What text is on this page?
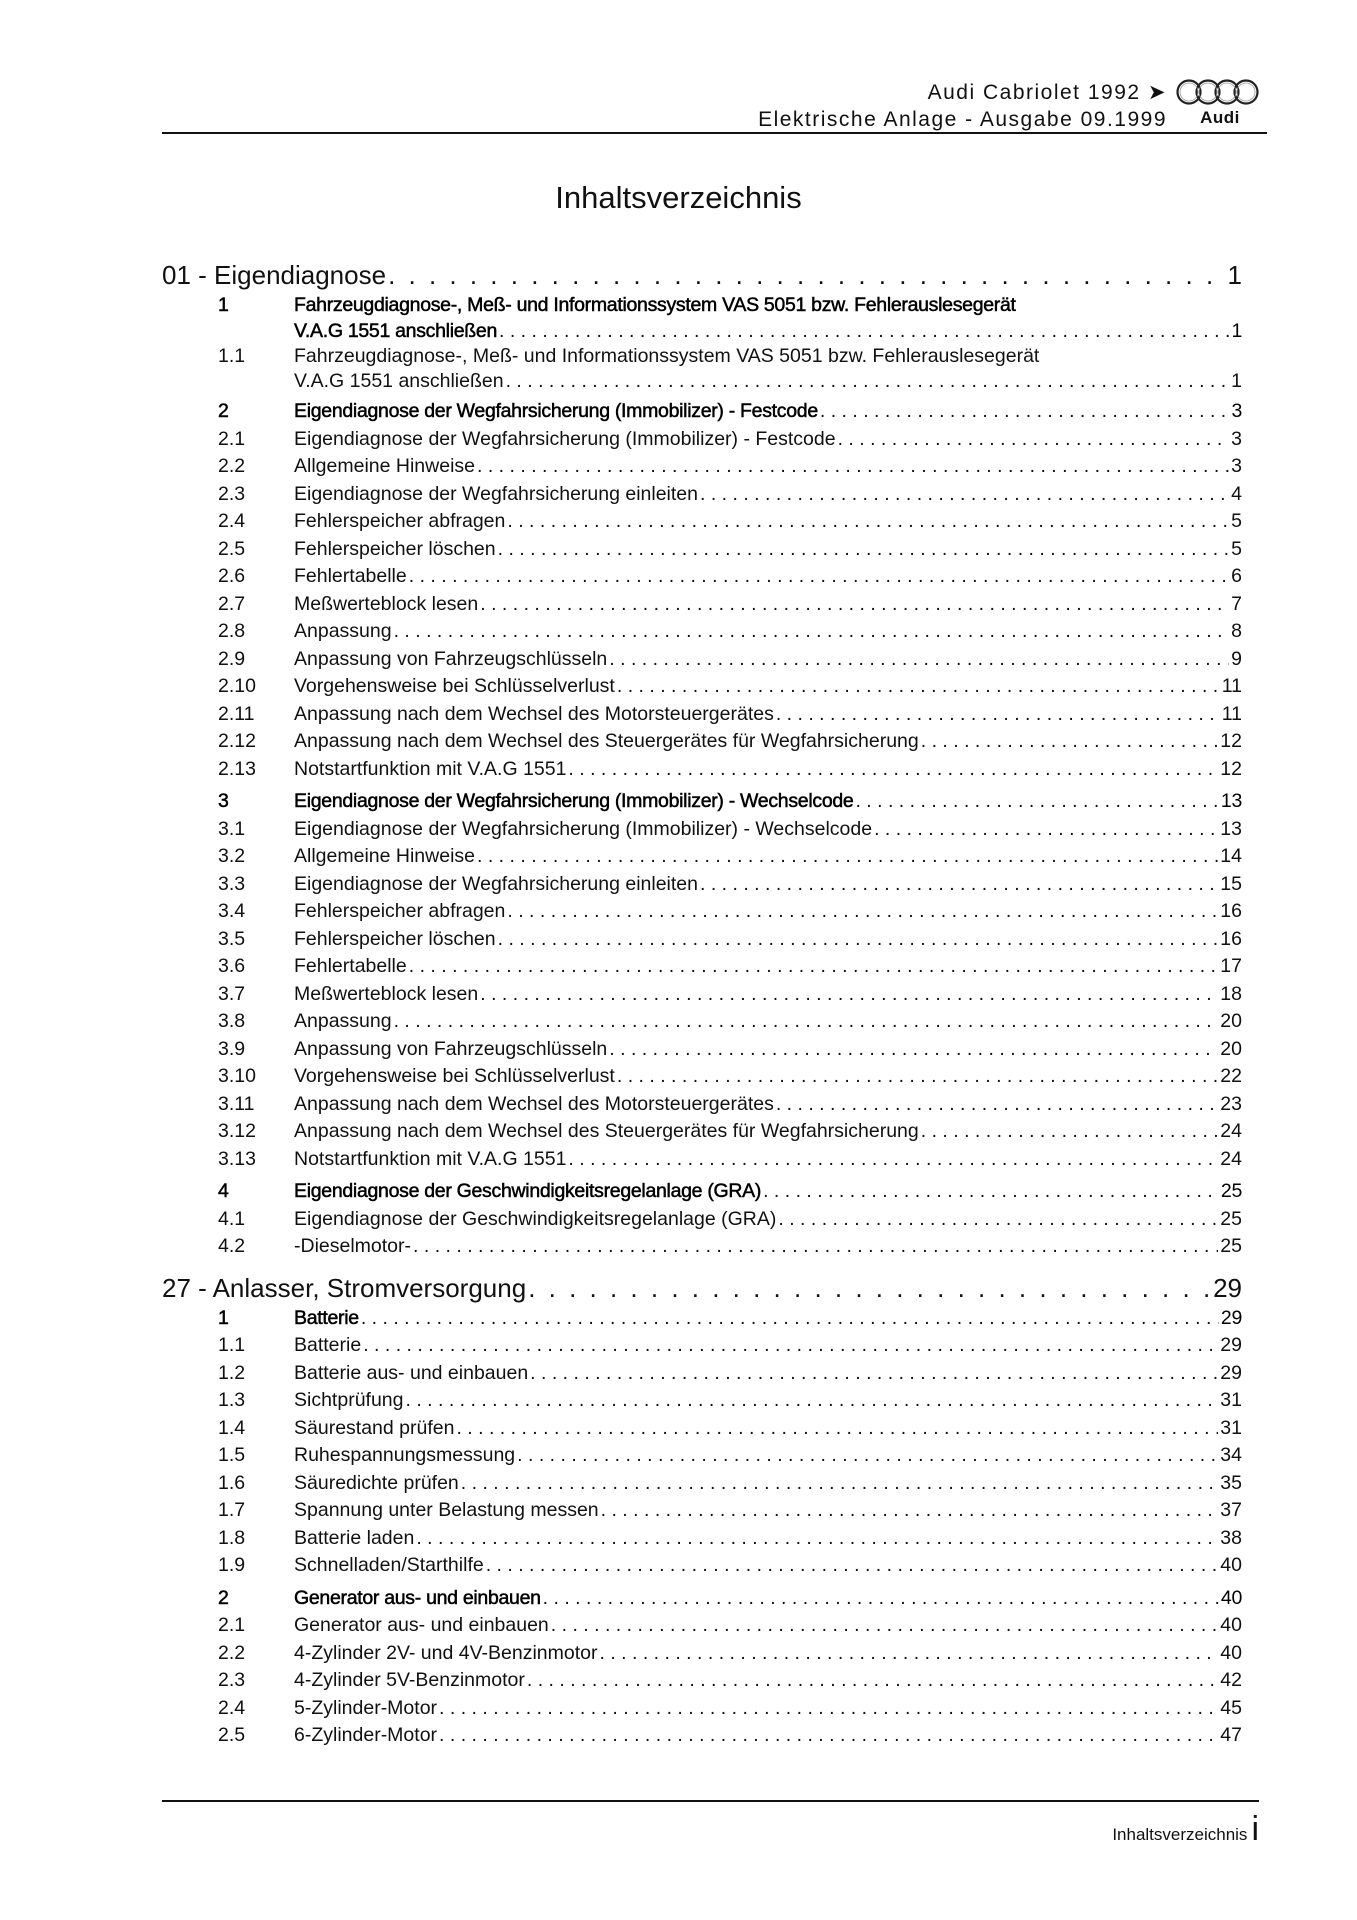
Audi Cabriolet 1992 ➤
Elektrische Anlage - Ausgabe 09.1999	Audi
Inhaltsverzeichnis
01 - Eigendiagnose . . .	1
1	Fahrzeugdiagnose-, Meß- und Informationssystem VAS 5051 bzw. Fehlerauslesegerät
V.A.G 1551 anschließen . . .	1
1.1	Fahrzeugdiagnose-, Meß- und Informationssystem VAS 5051 bzw. Fehlerauslesegerät
V.A.G 1551 anschließen . . .	1
2	Eigendiagnose der Wegfahrsicherung (Immobilizer) - Festcode . . .	3
2.1	Eigendiagnose der Wegfahrsicherung (Immobilizer) - Festcode . . .	3
2.2	Allgemeine Hinweise . . .	3
2.3	Eigendiagnose der Wegfahrsicherung einleiten . . .	4
2.4	Fehlerspeicher abfragen . . .	5
2.5	Fehlerspeicher löschen . . .	5
2.6	Fehlertabelle . . .	6
2.7	Meßwerteblock lesen . . .	7
2.8	Anpassung . . .	8
2.9	Anpassung von Fahrzeugschlüsseln . . .	9
2.10	Vorgehensweise bei Schlüsselverlust . . .	11
2.11	Anpassung nach dem Wechsel des Motorsteuergerätes . . .	11
2.12	Anpassung nach dem Wechsel des Steuergerätes für Wegfahrsicherung . . .	12
2.13	Notstartfunktion mit V.A.G 1551 . . .	12
3	Eigendiagnose der Wegfahrsicherung (Immobilizer) - Wechselcode . . .	13
3.1	Eigendiagnose der Wegfahrsicherung (Immobilizer) - Wechselcode . . .	13
3.2	Allgemeine Hinweise . . .	14
3.3	Eigendiagnose der Wegfahrsicherung einleiten . . .	15
3.4	Fehlerspeicher abfragen . . .	16
3.5	Fehlerspeicher löschen . . .	16
3.6	Fehlertabelle . . .	17
3.7	Meßwerteblock lesen . . .	18
3.8	Anpassung . . .	20
3.9	Anpassung von Fahrzeugschlüsseln . . .	20
3.10	Vorgehensweise bei Schlüsselverlust . . .	22
3.11	Anpassung nach dem Wechsel des Motorsteuergerätes . . .	23
3.12	Anpassung nach dem Wechsel des Steuergerätes für Wegfahrsicherung . . .	24
3.13	Notstartfunktion mit V.A.G 1551 . . .	24
4	Eigendiagnose der Geschwindigkeitsregelanlage (GRA) . . .	25
4.1	Eigendiagnose der Geschwindigkeitsregelanlage (GRA) . . .	25
4.2	-Dieselmotor- . . .	25
27 - Anlasser, Stromversorgung . . .	29
1	Batterie . . .	29
1.1	Batterie . . .	29
1.2	Batterie aus- und einbauen . . .	29
1.3	Sichtprüfung . . .	31
1.4	Säurestand prüfen . . .	31
1.5	Ruhespannungsmessung . . .	34
1.6	Säuredichte prüfen . . .	35
1.7	Spannung unter Belastung messen . . .	37
1.8	Batterie laden . . .	38
1.9	Schnelladen/Starthilfe . . .	40
2	Generator aus- und einbauen . . .	40
2.1	Generator aus- und einbauen . . .	40
2.2	4-Zylinder 2V- und 4V-Benzinmotor . . .	40
2.3	4-Zylinder 5V-Benzinmotor . . .	42
2.4	5-Zylinder-Motor . . .	45
2.5	6-Zylinder-Motor . . .	47
Inhaltsverzeichnis i
